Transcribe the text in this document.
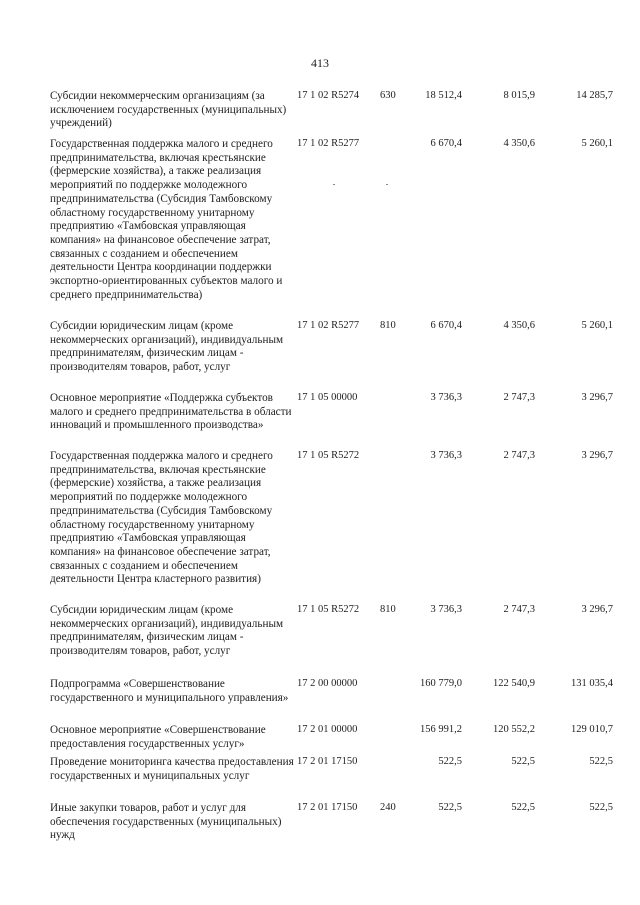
413
Субсидии некоммерческим организациям (за исключением государственных (муниципальных) учреждений)
17 1 02 R5274 630	18 512,4	8 015,9	14 285,7
Государственная поддержка малого и среднего предпринимательства, включая крестьянские (фермерские хозяйства), а также реализация мероприятий по поддержке молодежного предпринимательства (Субсидия Тамбовскому областному государственному унитарному предприятию «Тамбовская управляющая компания» на финансовое обеспечение затрат, связанных с созданием и обеспечением деятельности Центра координации поддержки экспортно-ориентированных субъектов малого и среднего предпринимательства)
17 1 02 R5277	6 670,4	4 350,6	5 260,1
Субсидии юридическим лицам (кроме некоммерческих организаций), индивидуальным предпринимателям, физическим лицам - производителям товаров, работ, услуг
17 1 02 R5277 810	6 670,4	4 350,6	5 260,1
Основное мероприятие «Поддержка субъектов малого и среднего предпринимательства в области инноваций и промышленного производства»
17 1 05 00000	3 736,3	2 747,3	3 296,7
Государственная поддержка малого и среднего предпринимательства, включая крестьянские (фермерские) хозяйства, а также реализация мероприятий по поддержке молодежного предпринимательства (Субсидия Тамбовскому областному государственному унитарному предприятию «Тамбовская управляющая компания» на финансовое обеспечение затрат, связанных с созданием и обеспечением деятельности Центра кластерного развития)
17 1 05 R5272	3 736,3	2 747,3	3 296,7
Субсидии юридическим лицам (кроме некоммерческих организаций), индивидуальным предпринимателям, физическим лицам - производителям товаров, работ, услуг
17 1 05 R5272 810	3 736,3	2 747,3	3 296,7
Подпрограмма «Совершенствование государственного и муниципального управления»
17 2 00 00000	160 779,0	122 540,9	131 035,4
Основное мероприятие «Совершенствование предоставления государственных услуг»
17 2 01 00000	156 991,2	120 552,2	129 010,7
Проведение мониторинга качества предоставления государственных и муниципальных услуг
17 2 01 17150	522,5	522,5	522,5
Иные закупки товаров, работ и услуг для обеспечения государственных (муниципальных) нужд
17 2 01 17150 240	522,5	522,5	522,5
